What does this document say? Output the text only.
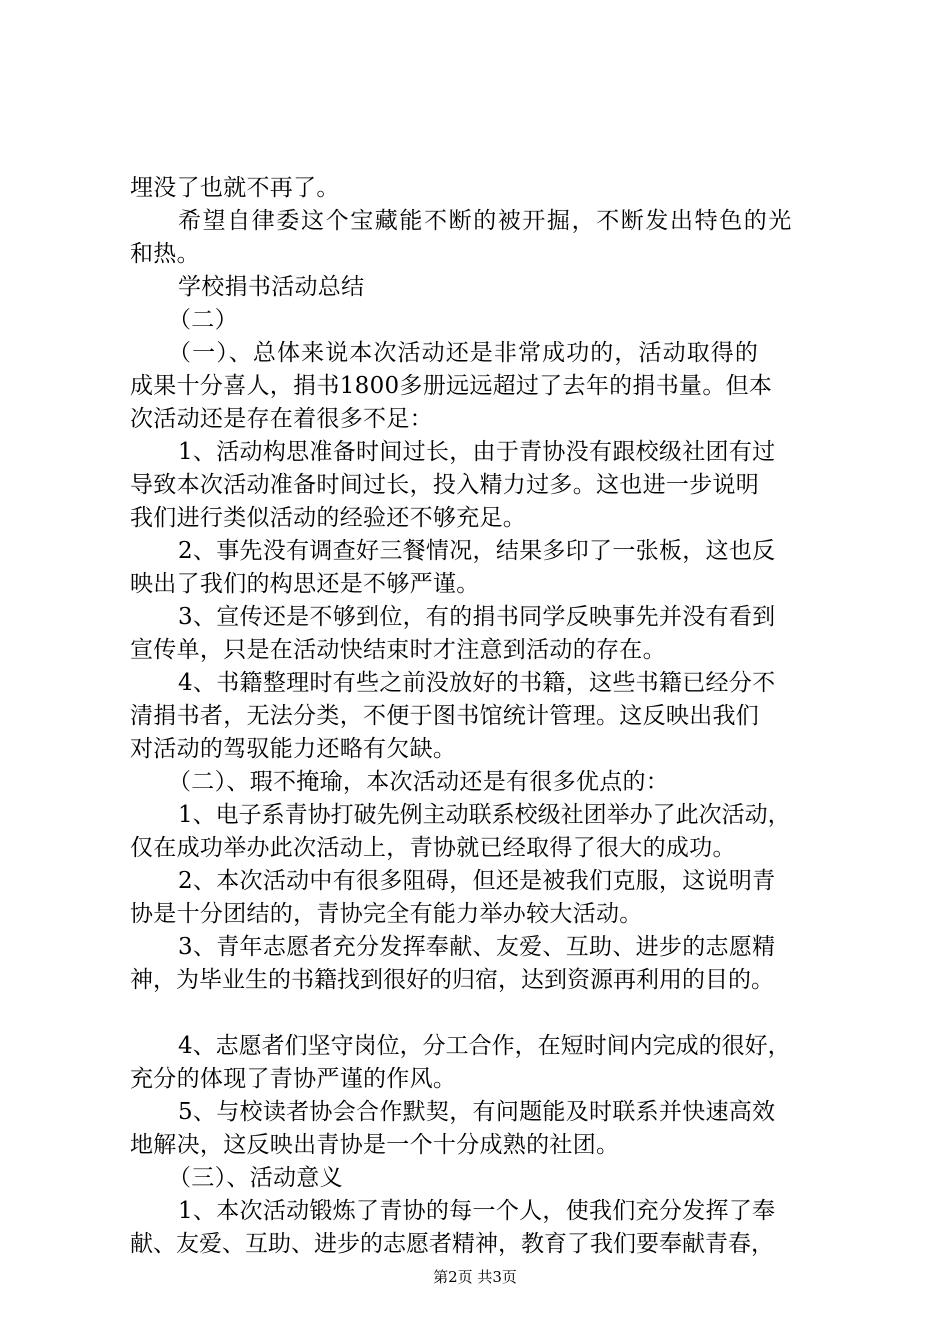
埋没了也就不再了。
希望自律委这个宝藏能不断的被开掘，不断发出特色的光
和热。
学校捐书活动总结
（二）
（一）、总体来说本次活动还是非常成功的，活动取得的
成果十分喜人，捐书1800多册远远超过了去年的捐书量。但本
次活动还是存在着很多不足：
1、活动构思准备时间过长，由于青协没有跟校级社团有过
导致本次活动准备时间过长，投入精力过多。这也进一步说明
我们进行类似活动的经验还不够充足。
2、事先没有调查好三餐情况，结果多印了一张板，这也反
映出了我们的构思还是不够严谨。
3、宣传还是不够到位，有的捐书同学反映事先并没有看到
宣传单，只是在活动快结束时才注意到活动的存在。
4、书籍整理时有些之前没放好的书籍，这些书籍已经分不
清捐书者，无法分类，不便于图书馆统计管理。这反映出我们
对活动的驾驭能力还略有欠缺。
（二）、瑕不掩瑜，本次活动还是有很多优点的：
1、电子系青协打破先例主动联系校级社团举办了此次活动，
仅在成功举办此次活动上，青协就已经取得了很大的成功。
2、本次活动中有很多阻碍，但还是被我们克服，这说明青
协是十分团结的，青协完全有能力举办较大活动。
3、青年志愿者充分发挥奉献、友爱、互助、进步的志愿精
神，为毕业生的书籍找到很好的归宿，达到资源再利用的目的。
4、志愿者们坚守岗位，分工合作，在短时间内完成的很好，
充分的体现了青协严谨的作风。
5、与校读者协会合作默契，有问题能及时联系并快速高效
地解决，这反映出青协是一个十分成熟的社团。
（三）、活动意义
1、本次活动锻炼了青协的每一个人，使我们充分发挥了奉
献、友爱、互助、进步的志愿者精神，教育了我们要奉献青春，
第2页 共3页
